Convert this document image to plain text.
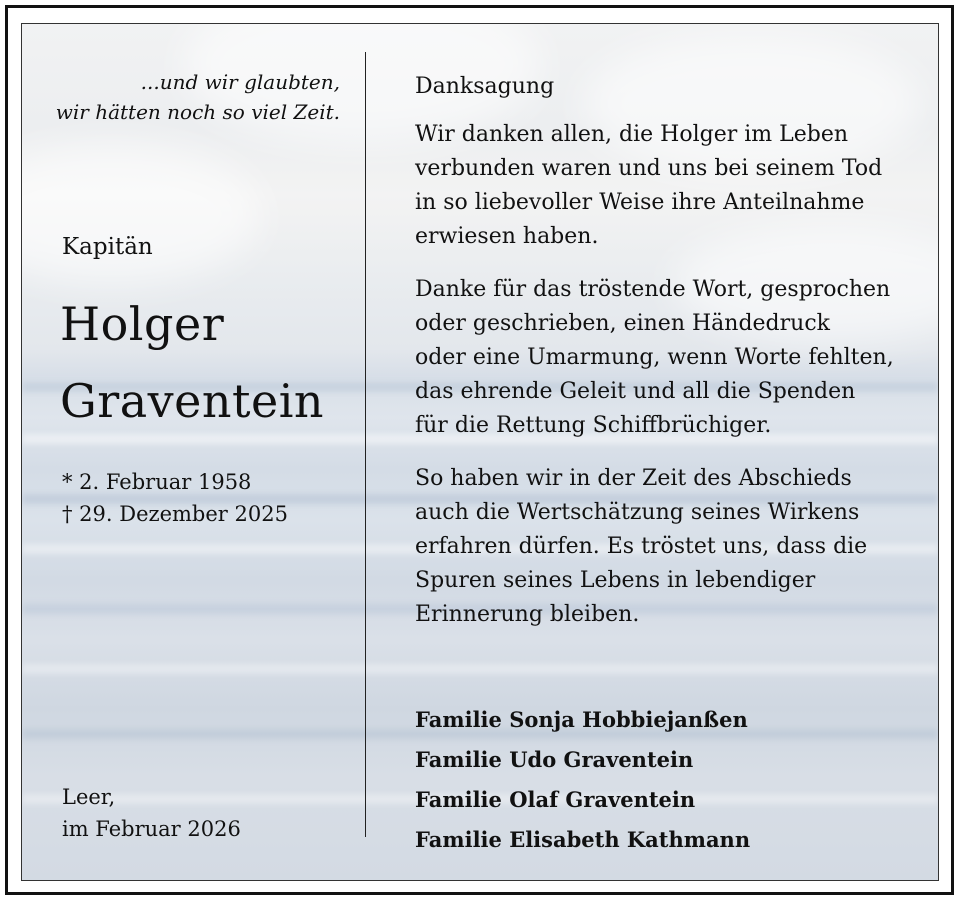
...und wir glaubten,
wir hätten noch so viel Zeit.
Kapitän
Holger
Graventein
* 2. Februar 1958
† 29. Dezember 2025
Leer,
im Februar 2026
Danksagung
Wir danken allen, die Holger im Leben
verbunden waren und uns bei seinem Tod
in so liebevoller Weise ihre Anteilnahme
erwiesen haben.
Danke für das tröstende Wort, gesprochen
oder geschrieben, einen Händedruck
oder eine Umarmung, wenn Worte fehlten,
das ehrende Geleit und all die Spenden
für die Rettung Schiffbrüchiger.
So haben wir in der Zeit des Abschieds
auch die Wertschätzung seines Wirkens
erfahren dürfen. Es tröstet uns, dass die
Spuren seines Lebens in lebendiger
Erinnerung bleiben.
Familie Sonja Hobbiejanßen
Familie Udo Graventein
Familie Olaf Graventein
Familie Elisabeth Kathmann
